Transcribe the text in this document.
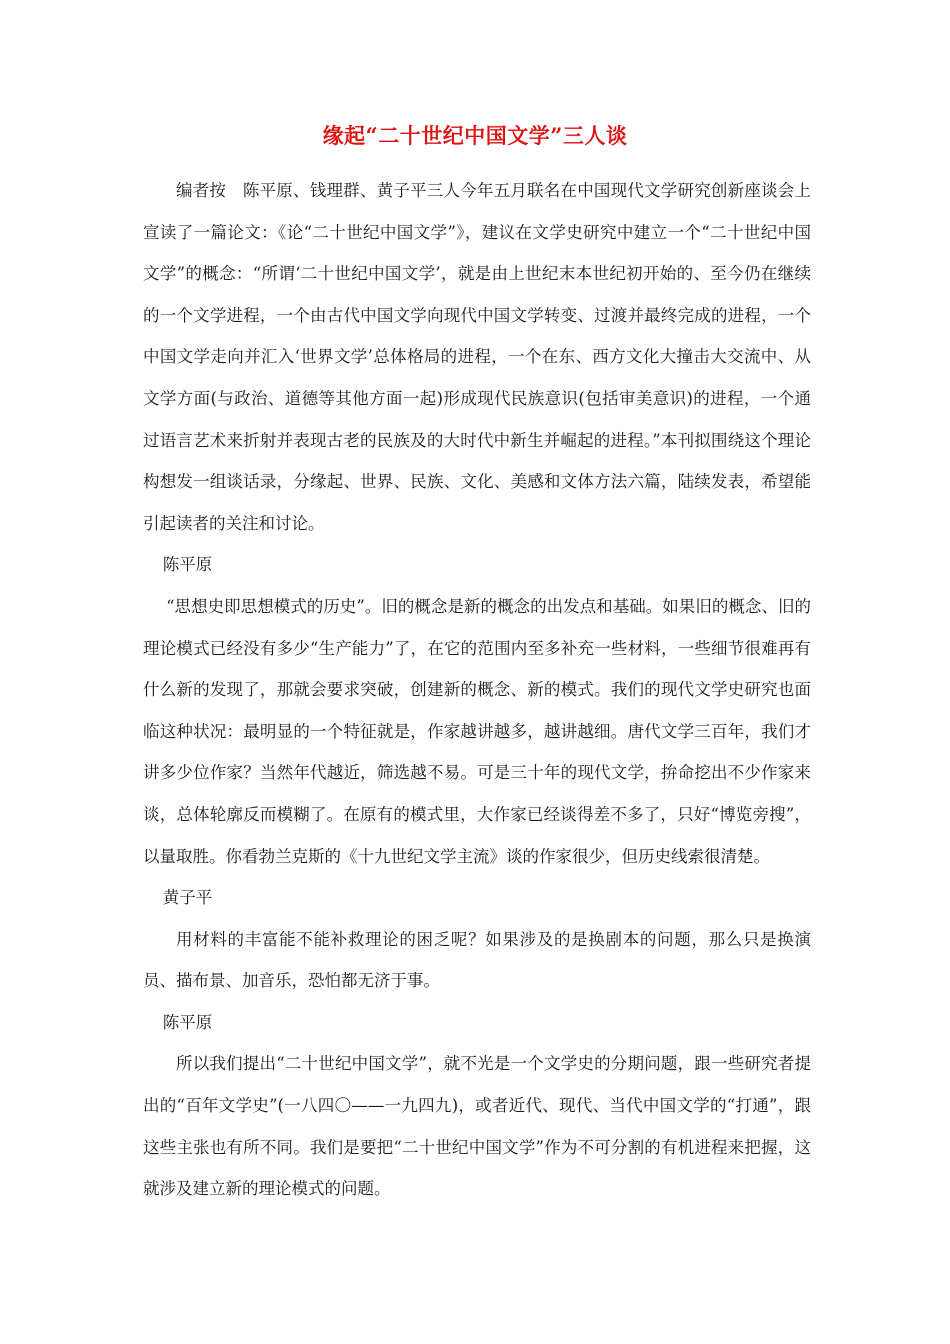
缘起“二十世纪中国文学”三人谈

编者按　陈平原、钱理群、黄子平三人今年五月联名在中国现代文学研究创新座谈会上宣读了一篇论文：《论“二十世纪中国文学”》，建议在文学史研究中建立一个“二十世纪中国文学”的概念：“所谓‘二十世纪中国文学’，就是由上世纪末本世纪初开始的、至今仍在继续的一个文学进程，一个由古代中国文学向现代中国文学转变、过渡并最终完成的进程，一个中国文学走向并汇入‘世界文学’总体格局的进程，一个在东、西方文化大撞击大交流中、从文学方面(与政治、道德等其他方面一起)形成现代民族意识(包括审美意识)的进程，一个通过语言艺术来折射并表现古老的民族及的大时代中新生并崛起的进程。”本刊拟围绕这个理论构想发一组谈话录，分缘起、世界、民族、文化、美感和文体方法六篇，陆续发表，希望能引起读者的关注和讨论。

陈平原

“思想史即思想模式的历史”。旧的概念是新的概念的出发点和基础。如果旧的概念、旧的理论模式已经没有多少“生产能力”了，在它的范围内至多补充一些材料，一些细节很难再有什么新的发现了，那就会要求突破，创建新的概念、新的模式。我们的现代文学史研究也面临这种状况：最明显的一个特征就是，作家越讲越多，越讲越细。唐代文学三百年，我们才讲多少位作家？当然年代越近，筛选越不易。可是三十年的现代文学，拚命挖出不少作家来谈，总体轮廓反而模糊了。在原有的模式里，大作家已经谈得差不多了，只好“博览旁搜”，以量取胜。你看勃兰克斯的《十九世纪文学主流》谈的作家很少，但历史线索很清楚。

黄子平

用材料的丰富能不能补救理论的困乏呢？如果涉及的是换剧本的问题，那么只是换演员、描布景、加音乐，恐怕都无济于事。

陈平原

所以我们提出“二十世纪中国文学”，就不光是一个文学史的分期问题，跟一些研究者提出的“百年文学史”(一八四〇——一九四九)，或者近代、现代、当代中国文学的“打通”，跟这些主张也有所不同。我们是要把“二十世纪中国文学”作为不可分割的有机进程来把握，这就涉及建立新的理论模式的问题。
